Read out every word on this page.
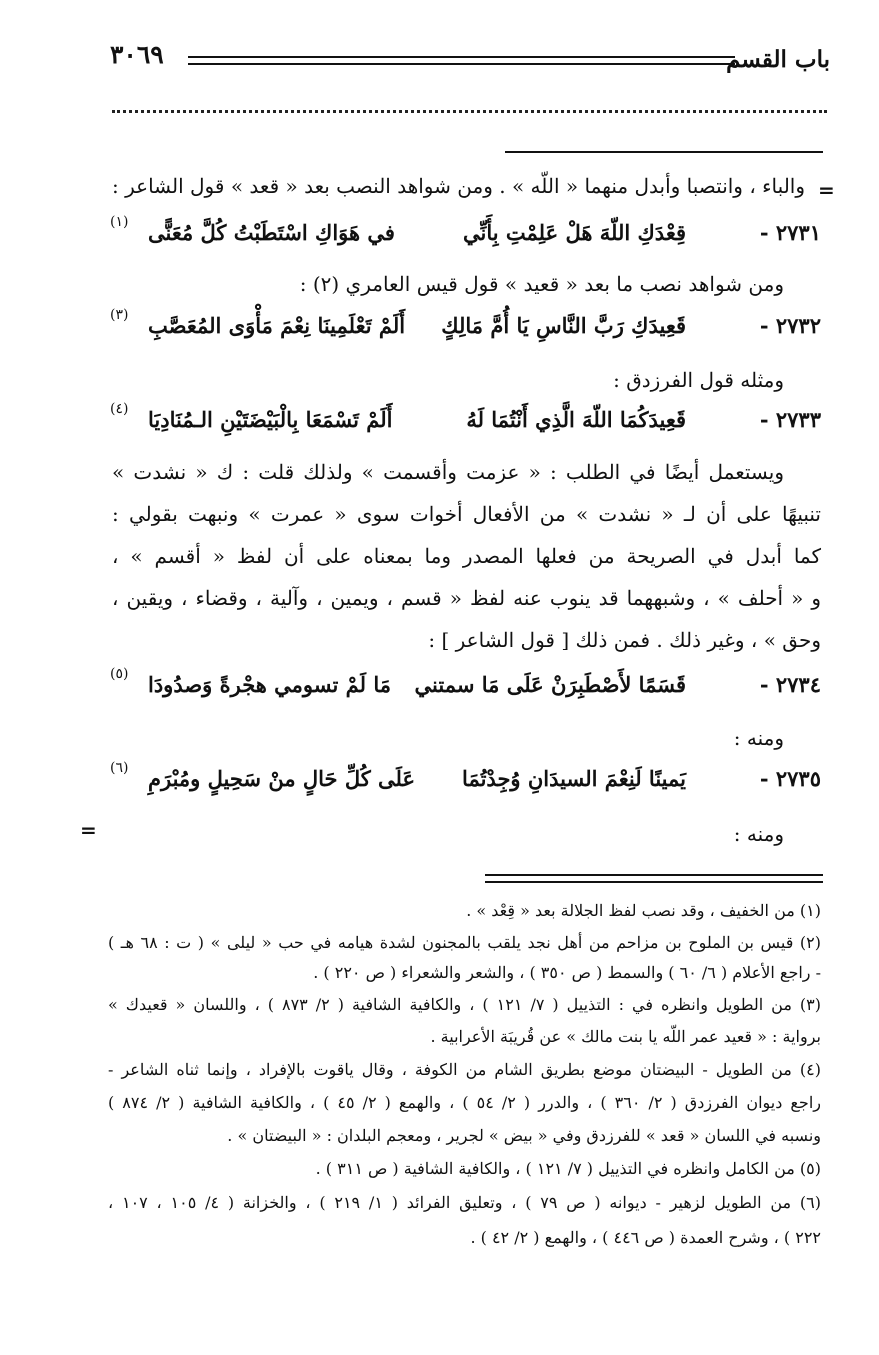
باب القسم
٣٠٦٩
=
=
والباء ، وانتصبا وأبدل منهما « اللّه » . ومن شواهد النصب بعد « قعد » قول الشاعر :
٢٧٣١ -
قِعْدَكِ اللّهَ هَلْ عَلِمْتِ بِأَنِّي
في هَوَاكِ اسْتَطَبْتُ كُلَّ مُعَنًّى
(١)
ومن شواهد نصب ما بعد « قعيد » قول قيس العامري (٢) :
٢٧٣٢ -
قَعِيدَكِ رَبَّ النَّاسِ يَا أُمَّ مَالِكٍ
أَلَمْ تَعْلَمِينَا نِعْمَ مَأْوَى المُعَصَّبِ
(٣)
ومثله قول الفرزدق :
٢٧٣٣ -
قَعِيدَكُمَا اللّهَ الَّذِي أَنْتُمَا لَهُ
أَلَمْ تَسْمَعَا بِالْبَيْضَتَيْنِ الـمُنَادِيَا
(٤)
ويستعمل أيضًا في الطلب : « عزمت وأقسمت » ولذلك قلت : ك « نشدت »
تنبيهًا على أن لـ « نشدت » من الأفعال أخوات سوى « عمرت » ونبهت بقولي :
كما أبدل في الصريحة من فعلها المصدر وما بمعناه على أن لفظ « أقسم » ،
و « أحلف » ، وشبههما قد ينوب عنه لفظ « قسم ، ويمين ، وآلية ، وقضاء ، ويقين ،
وحق » ، وغير ذلك . فمن ذلك [ قول الشاعر ] :
٢٧٣٤ -
قَسَمًا لأَصْطَبِرَنْ عَلَى مَا سمتني
مَا لَمْ تسومي هجْرةً وَصدُودَا
(٥)
ومنه :
٢٧٣٥ -
يَمينًا لَنِعْمَ السيدَانِ وُجِدْتُمَا
عَلَى كُلِّ حَالٍ منْ سَحِيلٍ ومُبْرَمِ
(٦)
ومنه :
(١) من الخفيف ، وقد نصب لفظ الجلالة بعد « قِعْد » .
(٢) قيس بن الملوح بن مزاحم من أهل نجد يلقب بالمجنون لشدة هيامه في حب « ليلى » ( ت : ٦٨ هـ )
- راجع الأعلام ( ٦/ ٦٠ ) والسمط ( ص ٣٥٠ ) ، والشعر والشعراء ( ص ٢٢٠ ) .
(٣) من الطويل وانظره في : التذييل ( ٧/ ١٢١ ) ، والكافية الشافية ( ٢/ ٨٧٣ ) ، واللسان « قعيدك »
برواية : « قعيد عمر اللّه يا بنت مالك » عن قُريبَة الأعرابية .
(٤) من الطويل - البيضتان موضع بطريق الشام من الكوفة ، وقال ياقوت بالإفراد ، وإنما ثناه الشاعر -
راجع ديوان الفرزدق ( ٢/ ٣٦٠ ) ، والدرر ( ٢/ ٥٤ ) ، والهمع ( ٢/ ٤٥ ) ، والكافية الشافية ( ٢/ ٨٧٤ )
ونسبه في اللسان « قعد » للفرزدق وفي « بيض » لجرير ، ومعجم البلدان : « البيضتان » .
(٥) من الكامل وانظره في التذييل ( ٧/ ١٢١ ) ، والكافية الشافية ( ص ٣١١ ) .
(٦) من الطويل لزهير - ديوانه ( ص ٧٩ ) ، وتعليق الفرائد ( ١/ ٢١٩ ) ، والخزانة ( ٤/ ١٠٥ ، ١٠٧ ،
٢٢٢ ) ، وشرح العمدة ( ص ٤٤٦ ) ، والهمع ( ٢/ ٤٢ ) .
